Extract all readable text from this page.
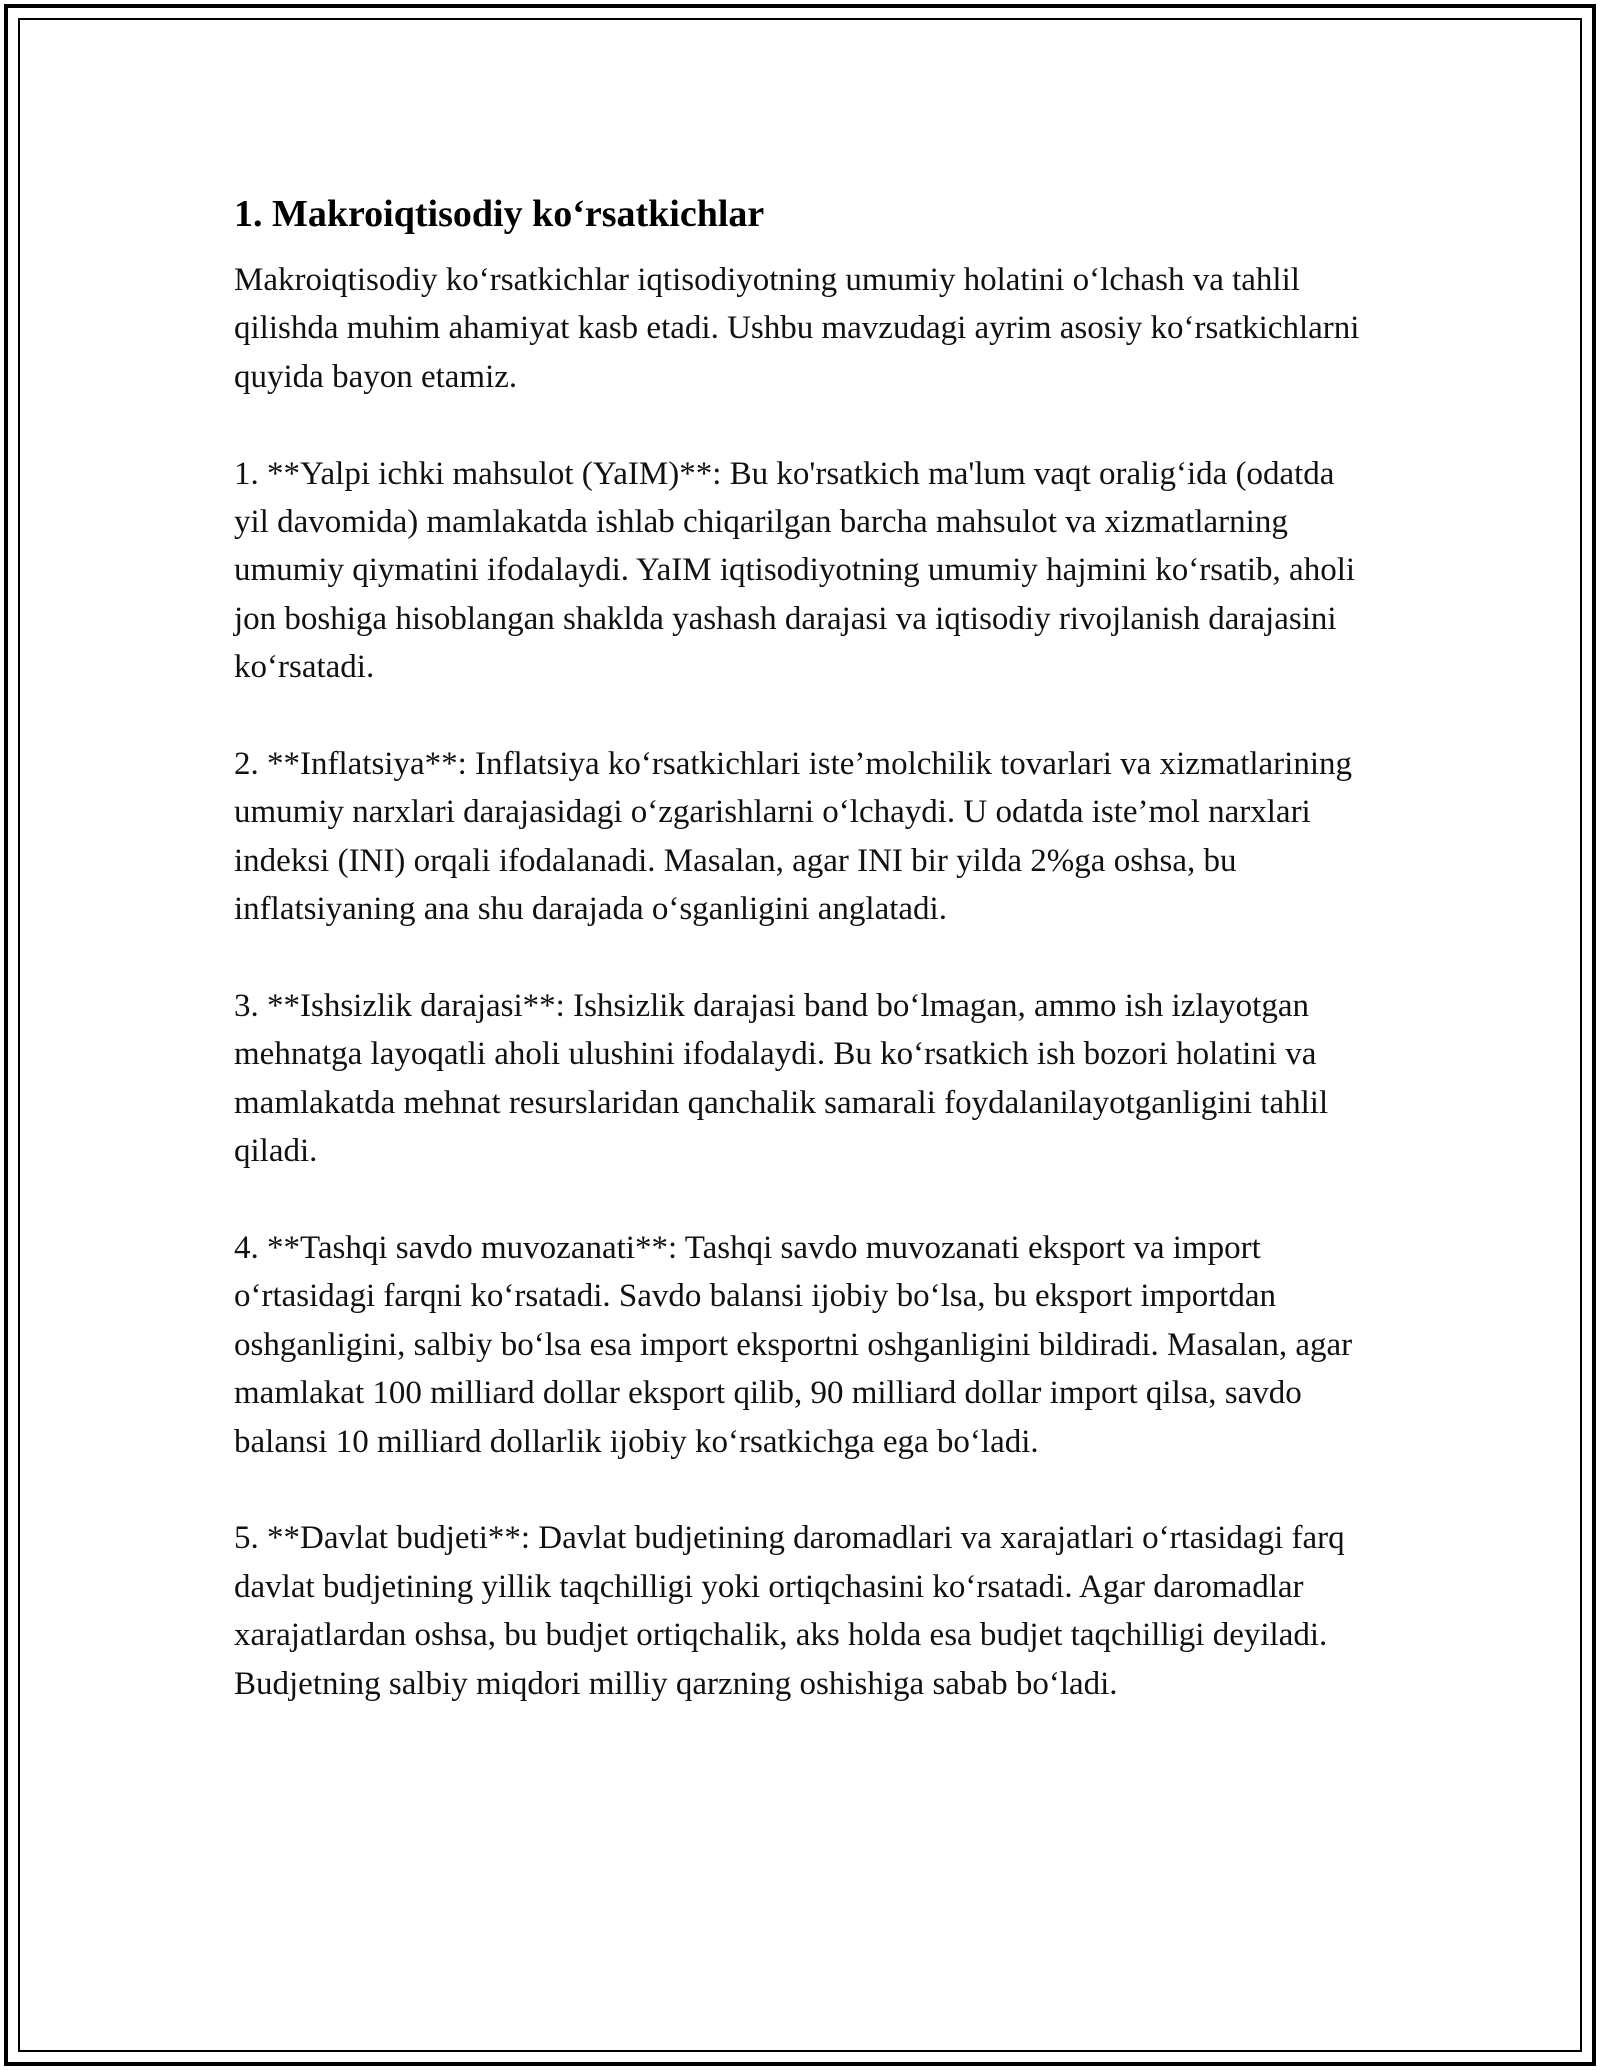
1. Makroiqtisodiy koʻrsatkichlar

Makroiqtisodiy koʻrsatkichlar iqtisodiyotning umumiy holatini oʻlchash va tahlil qilishda muhim ahamiyat kasb etadi. Ushbu mavzudagi ayrim asosiy koʻrsatkichlarni quyida bayon etamiz.

1. **Yalpi ichki mahsulot (YaIM)**: Bu ko'rsatkich ma'lum vaqt oraligʻida (odatda yil davomida) mamlakatda ishlab chiqarilgan barcha mahsulot va xizmatlarning umumiy qiymatini ifodalaydi. YaIM iqtisodiyotning umumiy hajmini koʻrsatib, aholi jon boshiga hisoblangan shaklda yashash darajasi va iqtisodiy rivojlanish darajasini koʻrsatadi.

2. **Inflatsiya**: Inflatsiya koʻrsatkichlari iste’molchilik tovarlari va xizmatlarining umumiy narxlari darajasidagi oʻzgarishlarni oʻlchaydi. U odatda iste’mol narxlari indeksi (INI) orqali ifodalanadi. Masalan, agar INI bir yilda 2%ga oshsa, bu inflatsiyaning ana shu darajada oʻsganligini anglatadi.

3. **Ishsizlik darajasi**: Ishsizlik darajasi band boʻlmagan, ammo ish izlayotgan mehnatga layoqatli aholi ulushini ifodalaydi. Bu koʻrsatkich ish bozori holatini va mamlakatda mehnat resurslaridan qanchalik samarali foydalanilayotganligini tahlil qiladi.

4. **Tashqi savdo muvozanati**: Tashqi savdo muvozanati eksport va import oʻrtasidagi farqni koʻrsatadi. Savdo balansi ijobiy boʻlsa, bu eksport importdan oshganligini, salbiy boʻlsa esa import eksportni oshganligini bildiradi. Masalan, agar mamlakat 100 milliard dollar eksport qilib, 90 milliard dollar import qilsa, savdo balansi 10 milliard dollarlik ijobiy koʻrsatkichga ega boʻladi.

5. **Davlat budjeti**: Davlat budjetining daromadlari va xarajatlari oʻrtasidagi farq davlat budjetining yillik taqchilligi yoki ortiqchasini koʻrsatadi. Agar daromadlar xarajatlardan oshsa, bu budjet ortiqchalik, aks holda esa budjet taqchilligi deyiladi. Budjetning salbiy miqdori milliy qarzning oshishiga sabab boʻladi.
